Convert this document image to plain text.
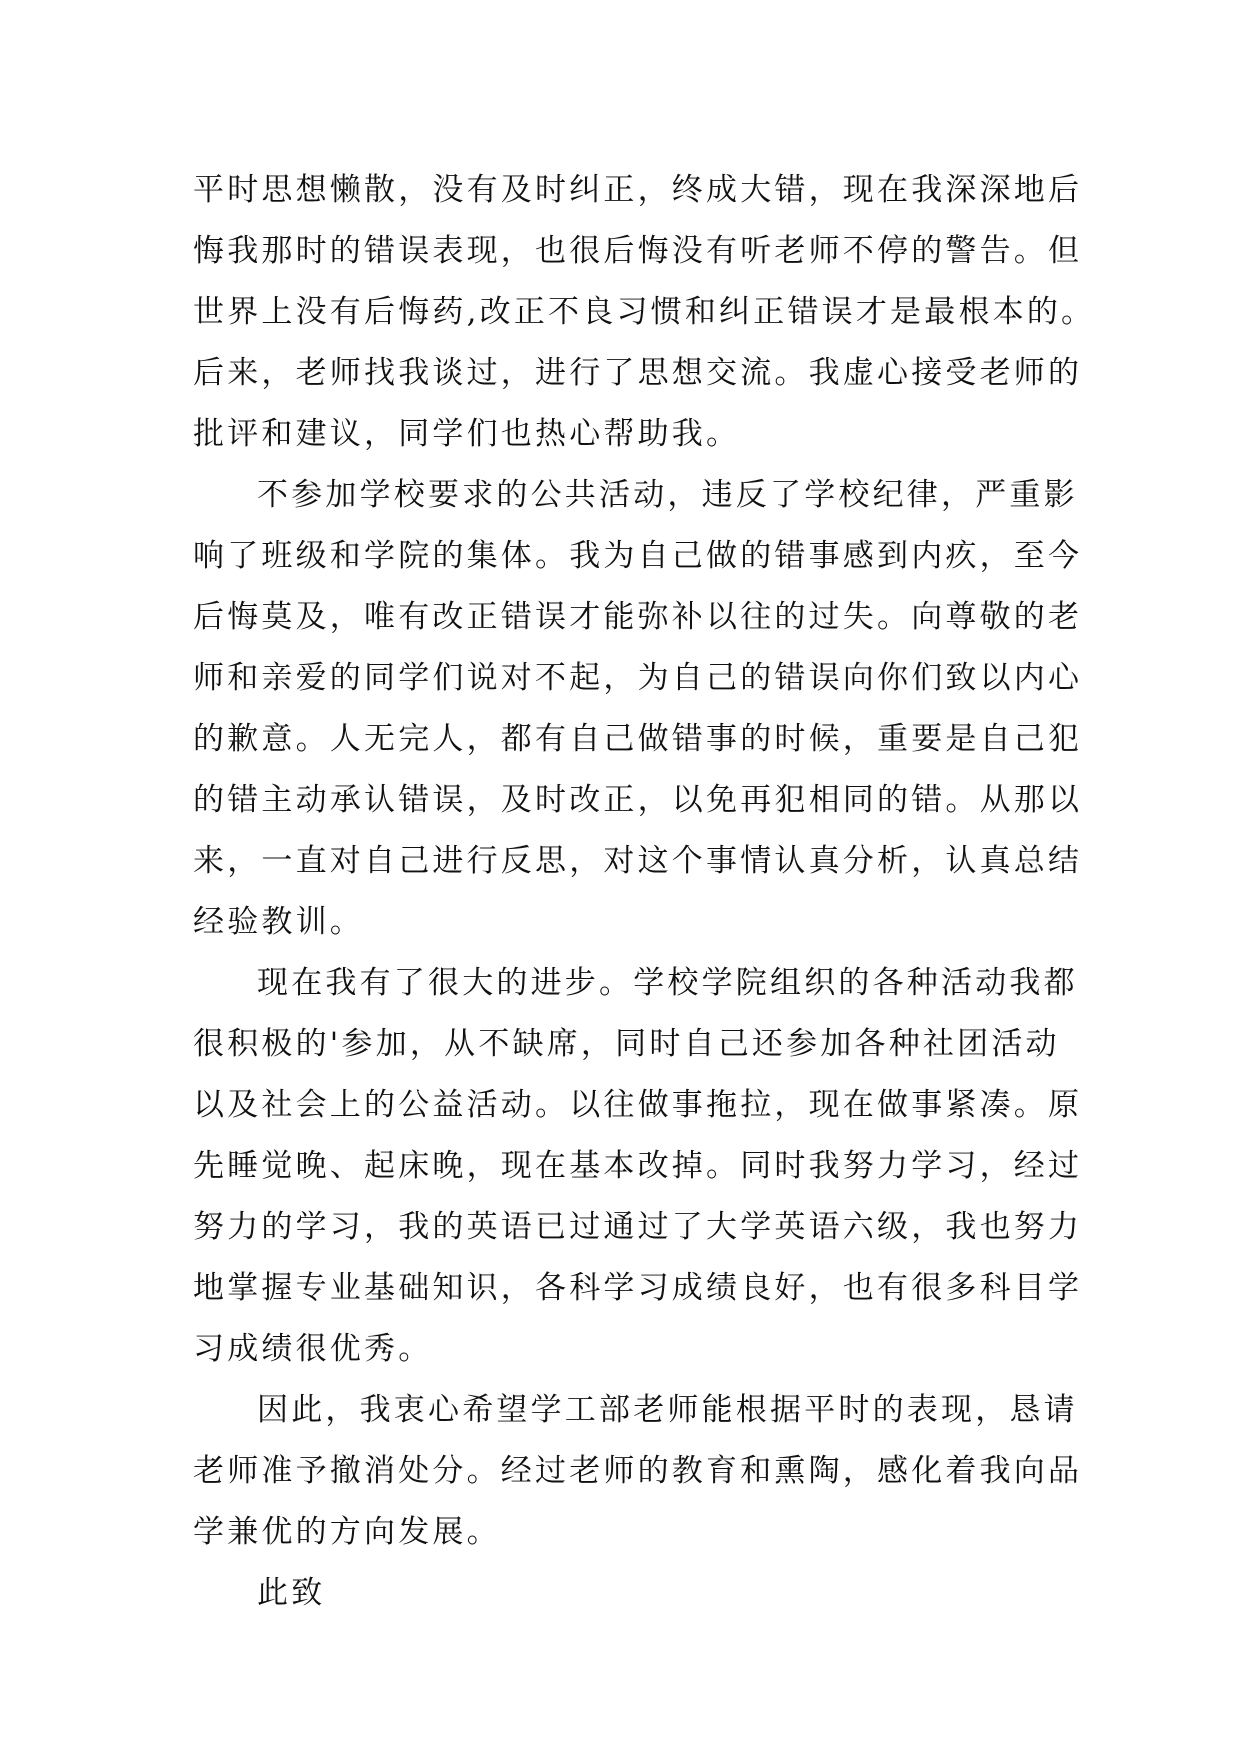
平时思想懒散，没有及时纠正，终成大错，现在我深深地后
悔我那时的错误表现，也很后悔没有听老师不停的警告。但
世界上没有后悔药,改正不良习惯和纠正错误才是最根本的。
后来，老师找我谈过，进行了思想交流。我虚心接受老师的
批评和建议，同学们也热心帮助我。
不参加学校要求的公共活动，违反了学校纪律，严重影
响了班级和学院的集体。我为自己做的错事感到内疚，至今
后悔莫及，唯有改正错误才能弥补以往的过失。向尊敬的老
师和亲爱的同学们说对不起，为自己的错误向你们致以内心
的歉意。人无完人，都有自己做错事的时候，重要是自己犯
的错主动承认错误，及时改正，以免再犯相同的错。从那以
来，一直对自己进行反思，对这个事情认真分析，认真总结
经验教训。
现在我有了很大的进步。学校学院组织的各种活动我都
很积极的'参加，从不缺席，同时自己还参加各种社团活动
以及社会上的公益活动。以往做事拖拉，现在做事紧凑。原
先睡觉晚、起床晚，现在基本改掉。同时我努力学习，经过
努力的学习，我的英语已过通过了大学英语六级，我也努力
地掌握专业基础知识，各科学习成绩良好，也有很多科目学
习成绩很优秀。
因此，我衷心希望学工部老师能根据平时的表现，恳请
老师准予撤消处分。经过老师的教育和熏陶，感化着我向品
学兼优的方向发展。
此致
